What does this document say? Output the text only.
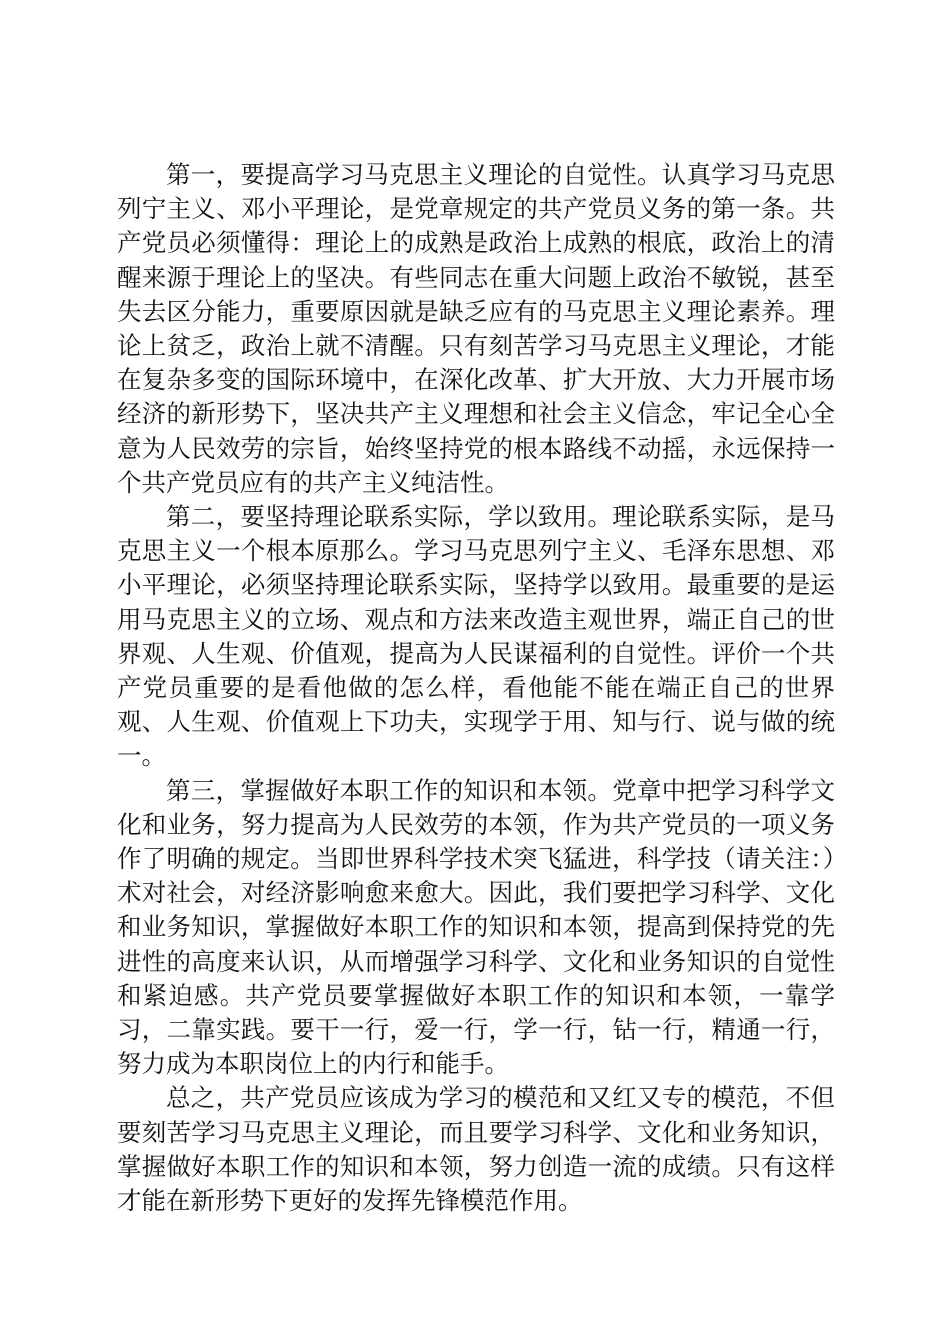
第一，要提高学习马克思主义理论的自觉性。认真学习马克思列宁主义、邓小平理论，是党章规定的共产党员义务的第一条。共产党员必须懂得：理论上的成熟是政治上成熟的根底，政治上的清醒来源于理论上的坚决。有些同志在重大问题上政治不敏锐，甚至失去区分能力，重要原因就是缺乏应有的马克思主义理论素养。理论上贫乏，政治上就不清醒。只有刻苦学习马克思主义理论，才能在复杂多变的国际环境中，在深化改革、扩大开放、大力开展市场经济的新形势下，坚决共产主义理想和社会主义信念，牢记全心全意为人民效劳的宗旨，始终坚持党的根本路线不动摇，永远保持一个共产党员应有的共产主义纯洁性。

第二，要坚持理论联系实际，学以致用。理论联系实际，是马克思主义一个根本原那么。学习马克思列宁主义、毛泽东思想、邓小平理论，必须坚持理论联系实际，坚持学以致用。最重要的是运用马克思主义的立场、观点和方法来改造主观世界，端正自己的世界观、人生观、价值观，提高为人民谋福利的自觉性。评价一个共产党员重要的是看他做的怎么样，看他能不能在端正自己的世界观、人生观、价值观上下功夫，实现学于用、知与行、说与做的统一。

第三，掌握做好本职工作的知识和本领。党章中把学习科学文化和业务，努力提高为人民效劳的本领，作为共产党员的一项义务作了明确的规定。当即世界科学技术突飞猛进，科学技（请关注：）术对社会，对经济影响愈来愈大。因此，我们要把学习科学、文化和业务知识，掌握做好本职工作的知识和本领，提高到保持党的先进性的高度来认识，从而增强学习科学、文化和业务知识的自觉性和紧迫感。共产党员要掌握做好本职工作的知识和本领，一靠学习，二靠实践。要干一行，爱一行，学一行，钻一行，精通一行，努力成为本职岗位上的内行和能手。

总之，共产党员应该成为学习的模范和又红又专的模范，不但要刻苦学习马克思主义理论，而且要学习科学、文化和业务知识，掌握做好本职工作的知识和本领，努力创造一流的成绩。只有这样才能在新形势下更好的发挥先锋模范作用。
